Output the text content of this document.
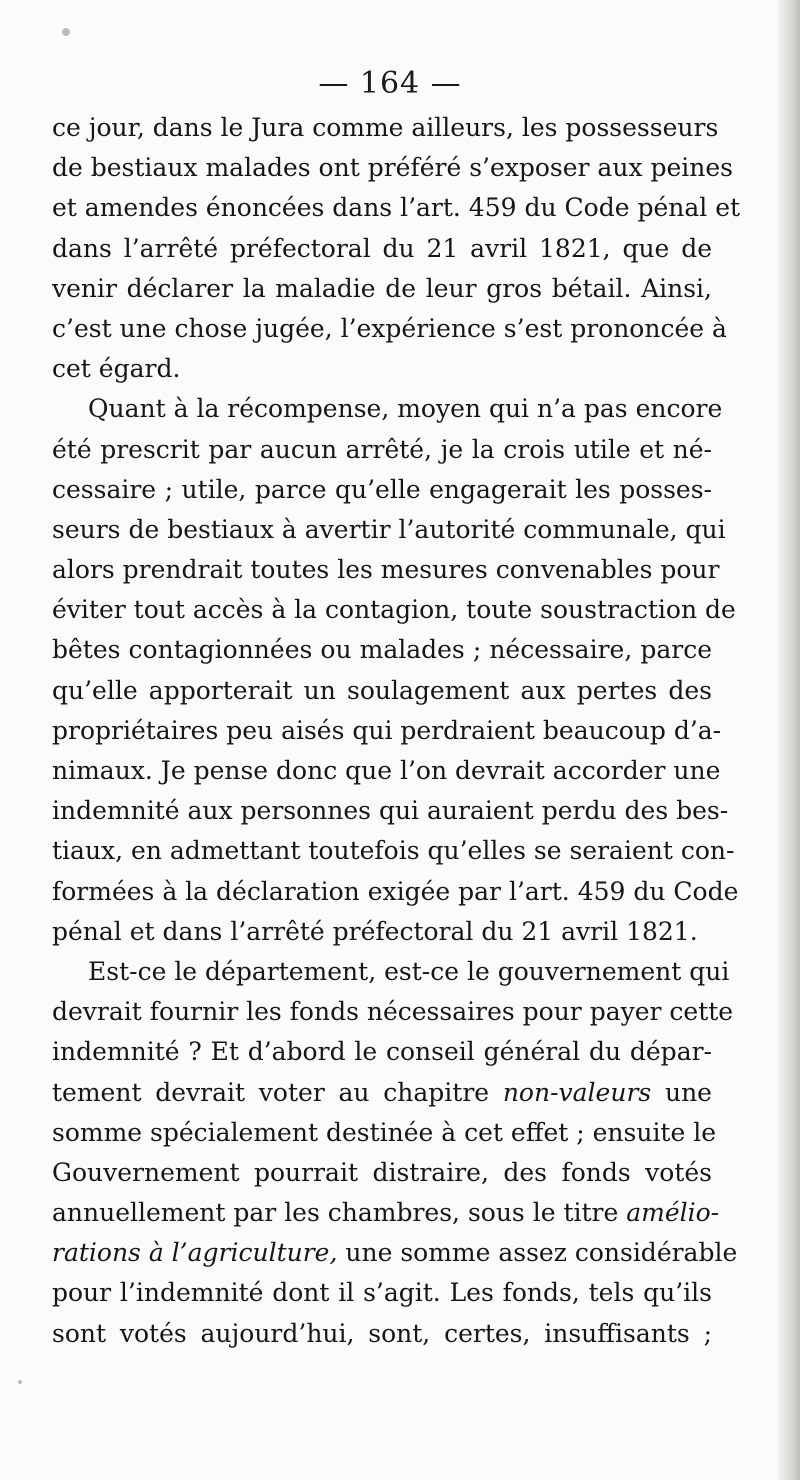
— 164 —
ce jour, dans le Jura comme ailleurs, les possesseurs
de bestiaux malades ont préféré s’exposer aux peines
et amendes énoncées dans l’art. 459 du Code pénal et
dans l’arrêté préfectoral du 21 avril 1821, que de
venir déclarer la maladie de leur gros bétail. Ainsi,
c’est une chose jugée, l’expérience s’est prononcée à
cet égard.
Quant à la récompense, moyen qui n’a pas encore
été prescrit par aucun arrêté, je la crois utile et né-
cessaire ; utile, parce qu’elle engagerait les posses-
seurs de bestiaux à avertir l’autorité communale, qui
alors prendrait toutes les mesures convenables pour
éviter tout accès à la contagion, toute soustraction de
bêtes contagionnées ou malades ; nécessaire, parce
qu’elle apporterait un soulagement aux pertes des
propriétaires peu aisés qui perdraient beaucoup d’a-
nimaux. Je pense donc que l’on devrait accorder une
indemnité aux personnes qui auraient perdu des bes-
tiaux, en admettant toutefois qu’elles se seraient con-
formées à la déclaration exigée par l’art. 459 du Code
pénal et dans l’arrêté préfectoral du 21 avril 1821.
Est-ce le département, est-ce le gouvernement qui
devrait fournir les fonds nécessaires pour payer cette
indemnité ? Et d’abord le conseil général du dépar-
tement devrait voter au chapitre non-valeurs une
somme spécialement destinée à cet effet ; ensuite le
Gouvernement pourrait distraire, des fonds votés
annuellement par les chambres, sous le titre amélio-
rations à l’agriculture, une somme assez considérable
pour l’indemnité dont il s’agit. Les fonds, tels qu’ils
sont votés aujourd’hui, sont, certes, insuffisants ;
